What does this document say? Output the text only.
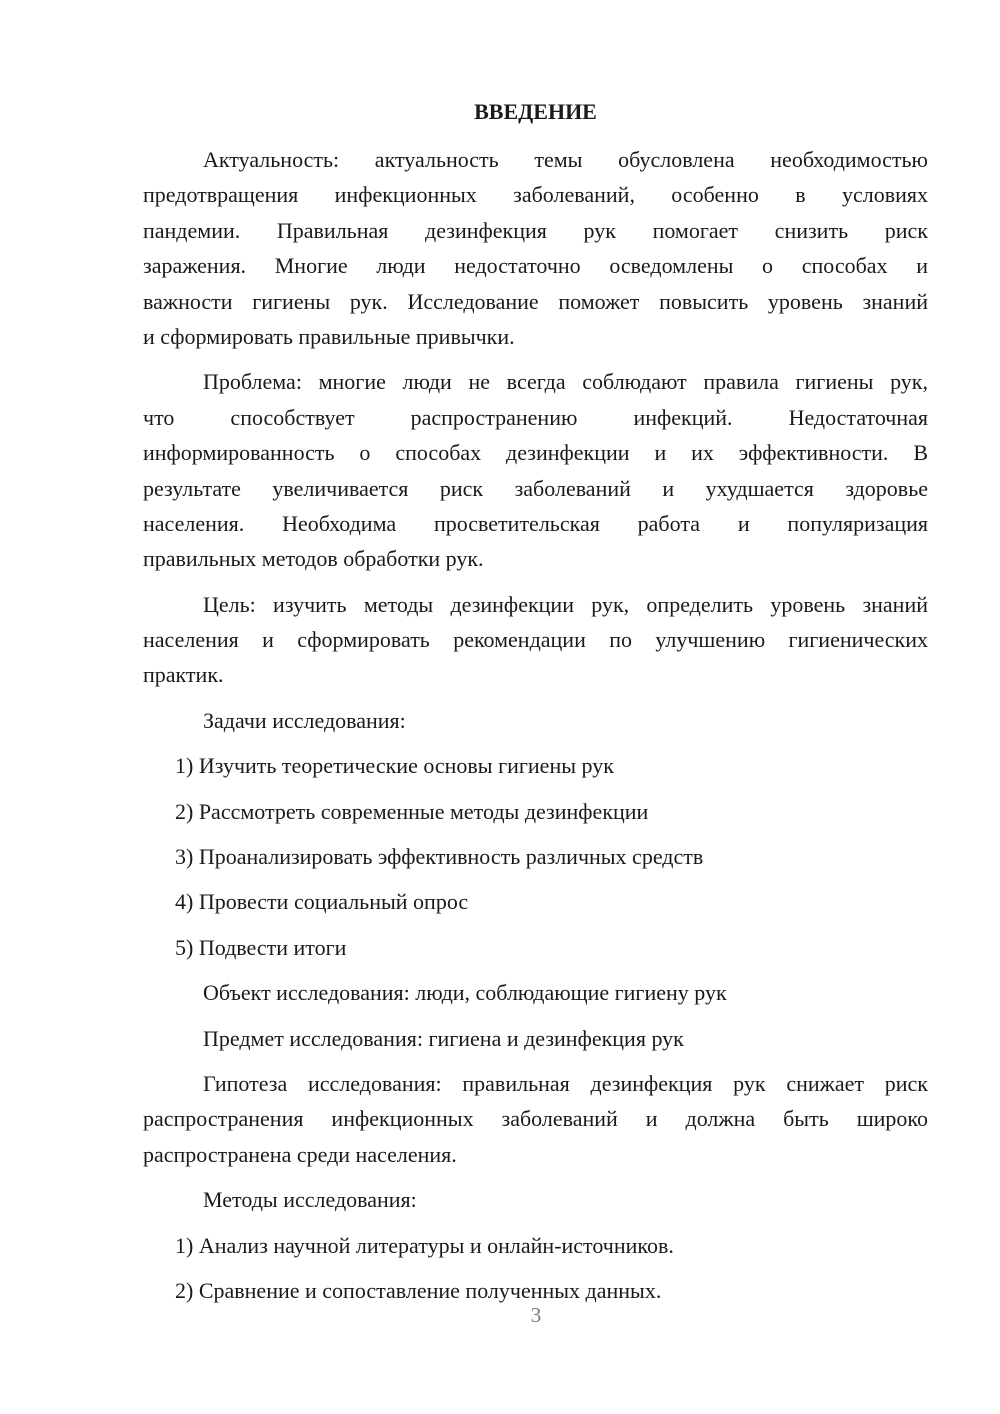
ВВЕДЕНИЕ
Актуальность: актуальность темы обусловлена необходимостью
предотвращения инфекционных заболеваний, особенно в условиях
пандемии. Правильная дезинфекция рук помогает снизить риск
заражения. Многие люди недостаточно осведомлены о способах и
важности гигиены рук. Исследование поможет повысить уровень знаний
и сформировать правильные привычки.
Проблема: многие люди не всегда соблюдают правила гигиены рук,
что способствует распространению инфекций. Недостаточная
информированность о способах дезинфекции и их эффективности. В
результате увеличивается риск заболеваний и ухудшается здоровье
населения. Необходима просветительская работа и популяризация
правильных методов обработки рук.
Цель: изучить методы дезинфекции рук, определить уровень знаний
населения и сформировать рекомендации по улучшению гигиенических
практик.
Задачи исследования:
1) Изучить теоретические основы гигиены рук
2) Рассмотреть современные методы дезинфекции
3) Проанализировать эффективность различных средств
4) Провести социальный опрос
5) Подвести итоги
Объект исследования: люди, соблюдающие гигиену рук
Предмет исследования: гигиена и дезинфекция рук
Гипотеза исследования: правильная дезинфекция рук снижает риск
распространения инфекционных заболеваний и должна быть широко
распространена среди населения.
Методы исследования:
1) Анализ научной литературы и онлайн-источников.
2) Сравнение и сопоставление полученных данных.
3
